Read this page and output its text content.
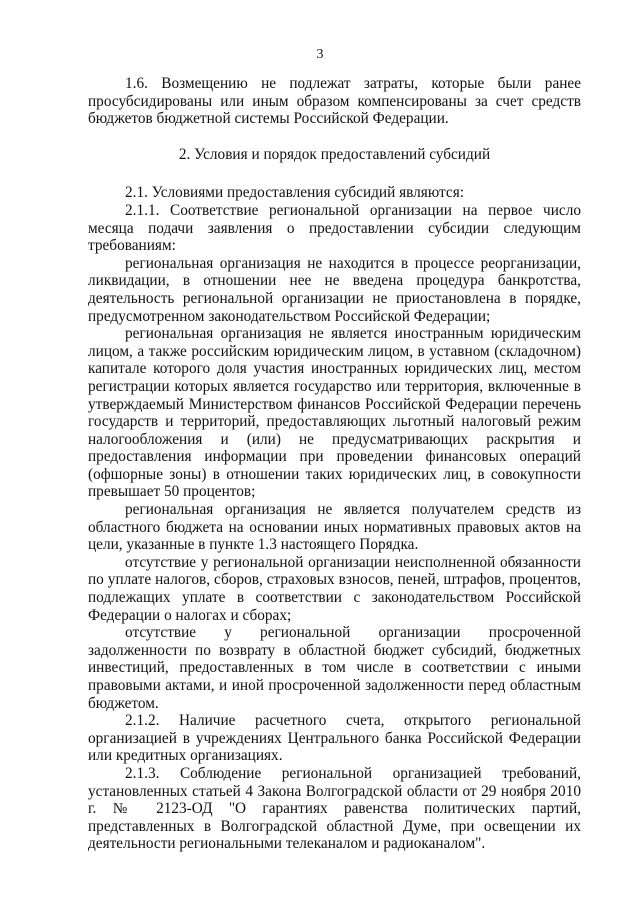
3

1.6. Возмещению не подлежат затраты, которые были ранее просубсидированы или иным образом компенсированы за счет средств бюджетов бюджетной системы Российской Федерации.

2. Условия и порядок предоставлений субсидий

2.1. Условиями предоставления субсидий являются:

2.1.1. Соответствие региональной организации на первое число месяца подачи заявления о предоставлении субсидии следующим требованиям:

региональная организация не находится в процессе реорганизации, ликвидации, в отношении нее не введена процедура банкротства, деятельность региональной организации не приостановлена в порядке, предусмотренном законодательством Российской Федерации;

региональная организация не является иностранным юридическим лицом, а также российским юридическим лицом, в уставном (складочном) капитале которого доля участия иностранных юридических лиц, местом регистрации которых является государство или территория, включенные в утверждаемый Министерством финансов Российской Федерации перечень государств и территорий, предоставляющих льготный налоговый режим налогообложения и (или) не предусматривающих раскрытия и предоставления информации при проведении финансовых операций (офшорные зоны) в отношении таких юридических лиц, в совокупности превышает 50 процентов;

региональная организация не является получателем средств из областного бюджета на основании иных нормативных правовых актов на цели, указанные в пункте 1.3 настоящего Порядка.

отсутствие у региональной организации неисполненной обязанности по уплате налогов, сборов, страховых взносов, пеней, штрафов, процентов, подлежащих уплате в соответствии с законодательством Российской Федерации о налогах и сборах;

отсутствие у региональной организации просроченной задолженности по возврату в областной бюджет субсидий, бюджетных инвестиций, предоставленных в том числе в соответствии с иными правовыми актами, и иной просроченной задолженности перед областным бюджетом.

2.1.2. Наличие расчетного счета, открытого региональной организацией в учреждениях Центрального банка Российской Федерации или кредитных организациях.

2.1.3. Соблюдение региональной организацией требований, установленных статьей 4 Закона Волгоградской области от 29 ноября 2010 г. № 2123-ОД "О гарантиях равенства политических партий, представленных в Волгоградской областной Думе, при освещении их деятельности региональными телеканалом и радиоканалом".
